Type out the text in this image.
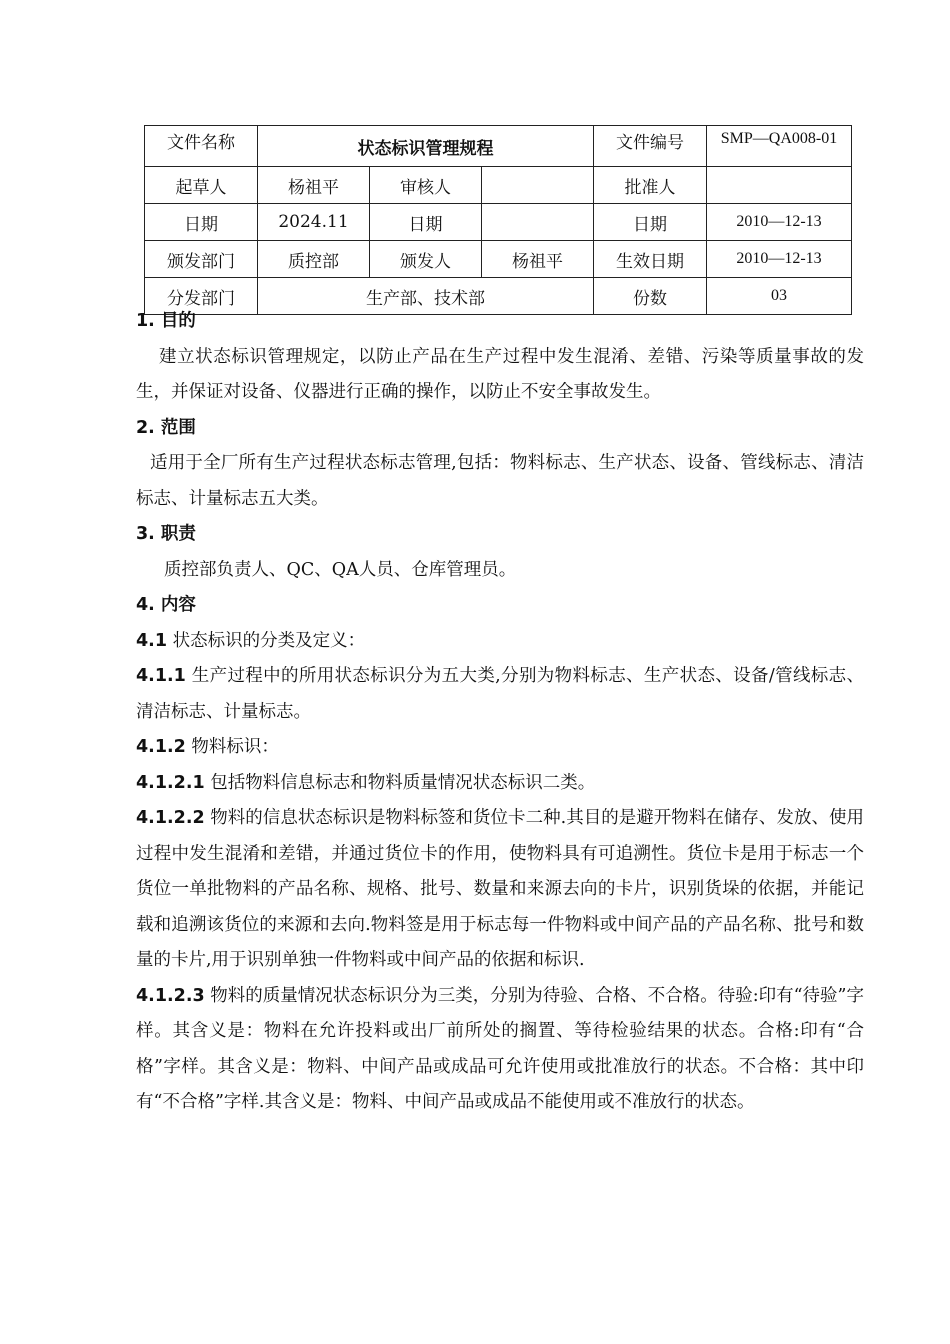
文件名称	状态标识管理规程			文件编号	SMP—QA008-01
起草人	杨祖平	审核人		批准人	
日期	2024.11	日期		日期	2010—12-13
颁发部门	质控部	颁发人	杨祖平	生效日期	2010—12-13
分发部门	生产部、技术部			份数	03

1. 目的

建立状态标识管理规定，以防止产品在生产过程中发生混淆、差错、污染等质量事故的发生，并保证对设备、仪器进行正确的操作，以防止不安全事故发生。

2. 范围

适用于全厂所有生产过程状态标志管理,包括：物料标志、生产状态、设备、管线标志、清洁标志、计量标志五大类。

3. 职责

质控部负责人、QC、QA人员、仓库管理员。

4. 内容

4.1 状态标识的分类及定义：

4.1.1 生产过程中的所用状态标识分为五大类,分别为物料标志、生产状态、设备/管线标志、清洁标志、计量标志。

4.1.2 物料标识：

4.1.2.1 包括物料信息标志和物料质量情况状态标识二类。

4.1.2.2 物料的信息状态标识是物料标签和货位卡二种.其目的是避开物料在储存、发放、使用过程中发生混淆和差错，并通过货位卡的作用，使物料具有可追溯性。货位卡是用于标志一个货位一单批物料的产品名称、规格、批号、数量和来源去向的卡片，识别货垛的依据，并能记载和追溯该货位的来源和去向.物料签是用于标志每一件物料或中间产品的产品名称、批号和数量的卡片,用于识别单独一件物料或中间产品的依据和标识.

4.1.2.3 物料的质量情况状态标识分为三类，分别为待验、合格、不合格。待验:印有“待验”字样。其含义是：物料在允许投料或出厂前所处的搁置、等待检验结果的状态。合格:印有“合格”字样。其含义是：物料、中间产品或成品可允许使用或批准放行的状态。不合格：其中印有“不合格”字样.其含义是：物料、中间产品或成品不能使用或不准放行的状态。
